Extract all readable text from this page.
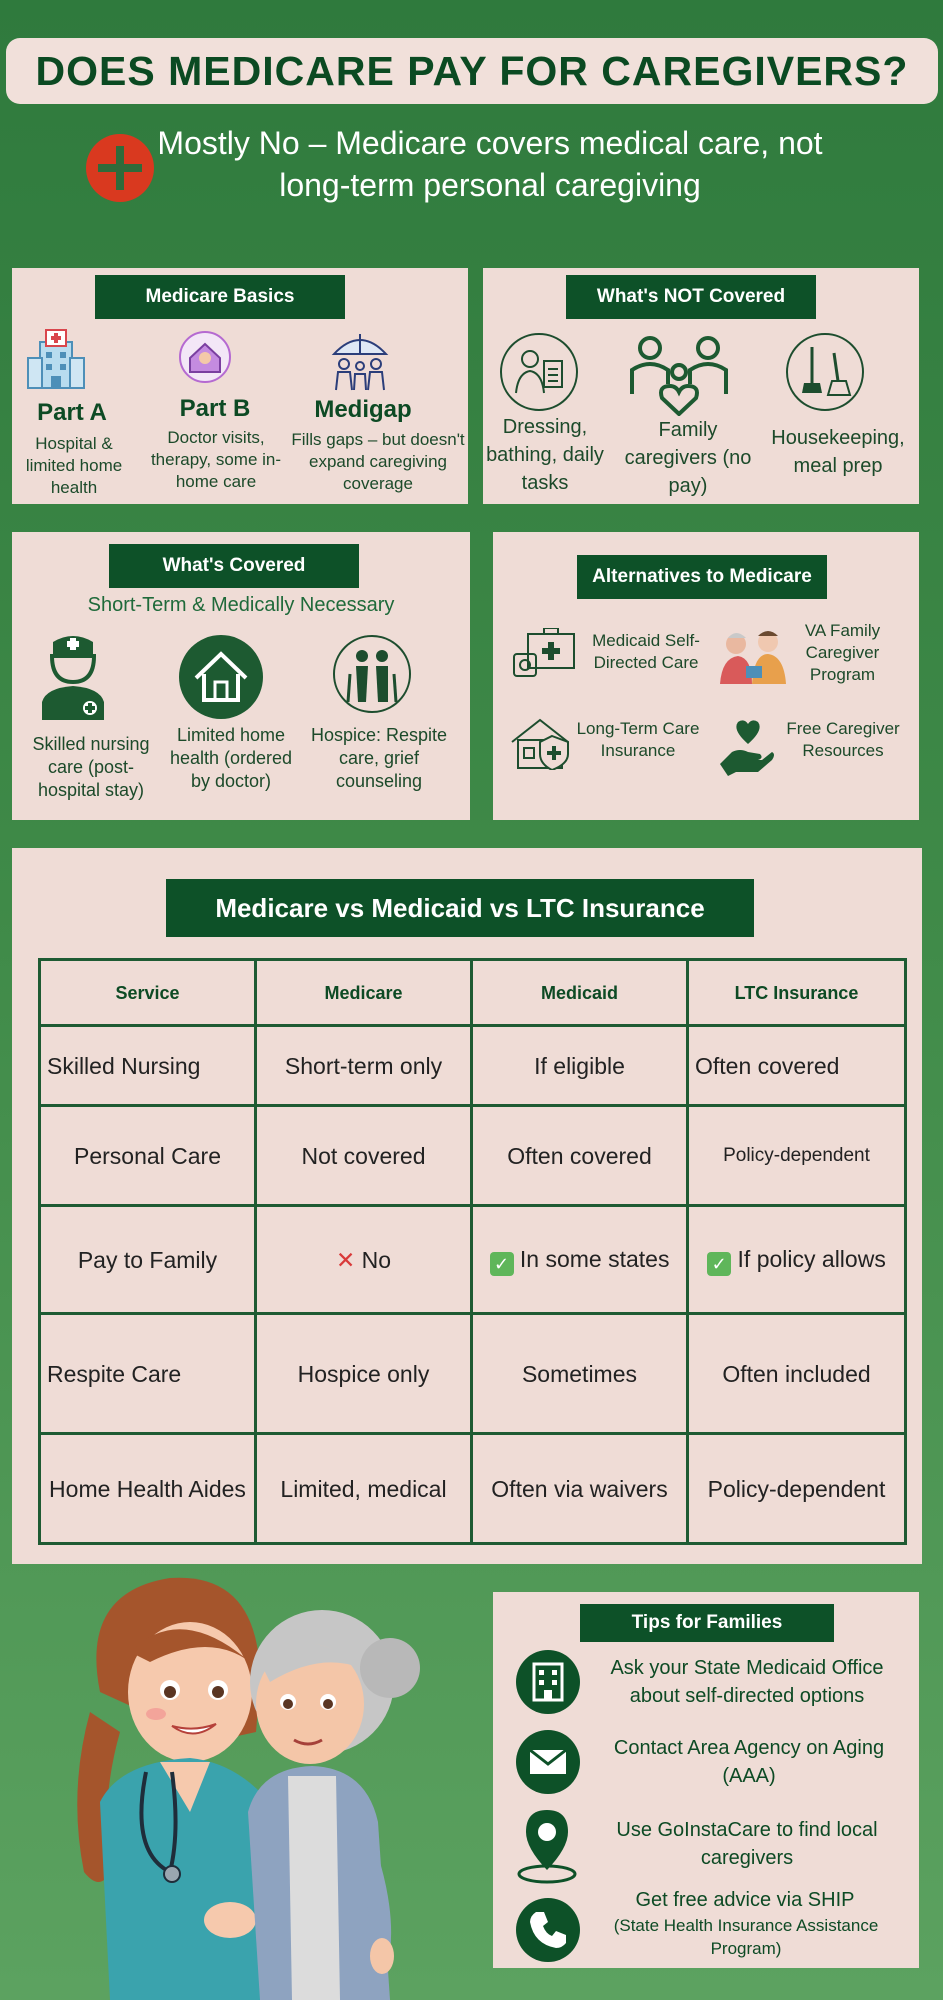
DOES MEDICARE PAY FOR CAREGIVERS?
Mostly No – Medicare covers medical care, not long-term personal caregiving
Medicare Basics
Part A
Hospital & limited home health
Part B
Doctor visits, therapy, some in-home care
Medigap
Fills gaps – but doesn't expand caregiving coverage
What's NOT Covered
Dressing, bathing, daily tasks
Family caregivers (no pay)
Housekeeping, meal prep
What's Covered
Short-Term & Medically Necessary
Skilled nursing care (post-hospital stay)
Limited home health (ordered by doctor)
Hospice: Respite care, grief counseling
Alternatives to Medicare
Medicaid Self-Directed Care
VA Family Caregiver Program
Long-Term Care Insurance
Free Caregiver Resources
Medicare vs Medicaid vs LTC Insurance
Service	Medicare	Medicaid	LTC Insurance
Skilled Nursing	Short-term only	If eligible	Often covered
Personal Care	Not covered	Often covered	Policy-dependent
Pay to Family	✕ No	✓ In some states	✓ If policy allows
Respite Care	Hospice only	Sometimes	Often included
Home Health Aides	Limited, medical	Often via waivers	Policy-dependent
Tips for Families
Ask your State Medicaid Office about self-directed options
Contact Area Agency on Aging (AAA)
Use GoInstaCare to find local caregivers
Get free advice via SHIP
(State Health Insurance Assistance Program)
